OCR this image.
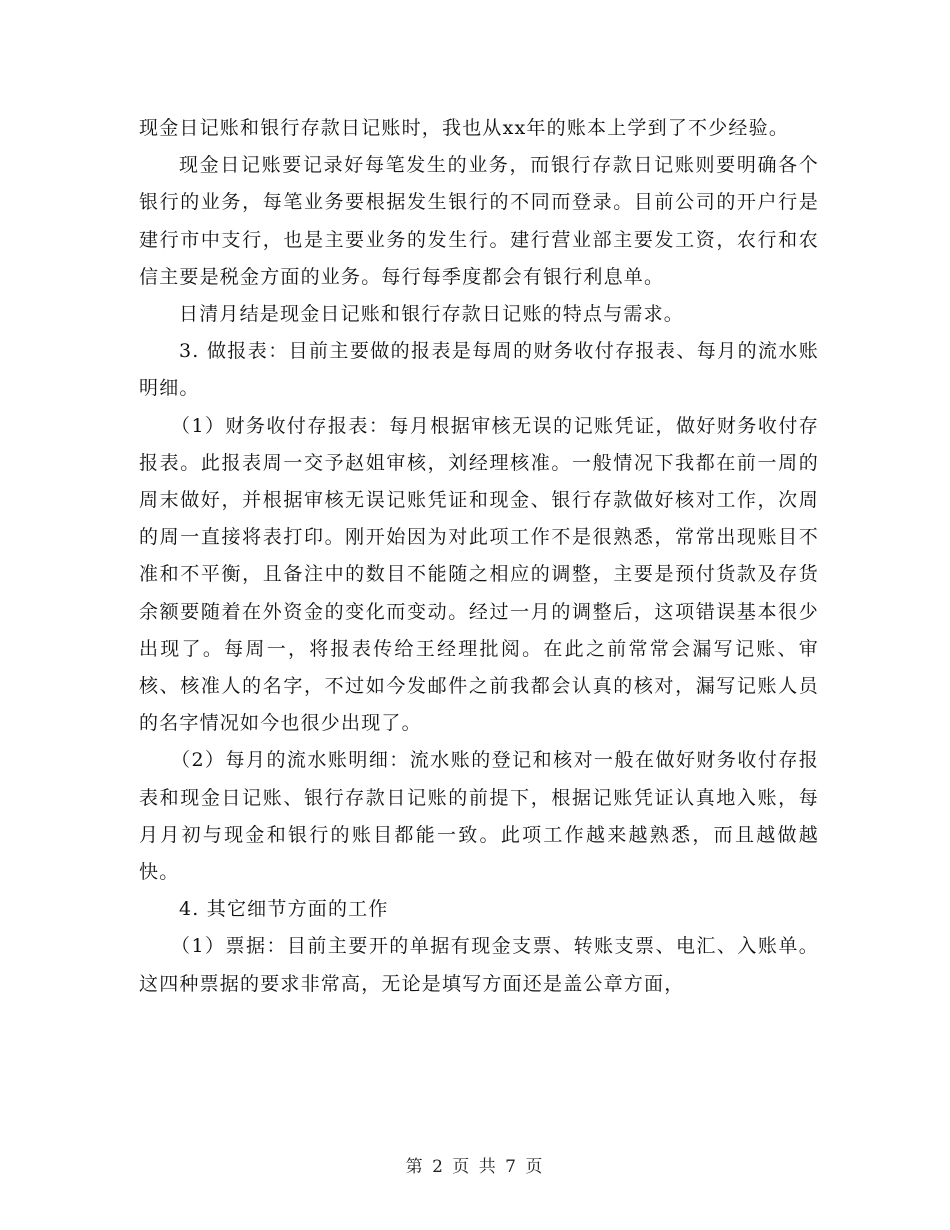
现金日记账和银行存款日记账时，我也从xx年的账本上学到了不少经验。

现金日记账要记录好每笔发生的业务，而银行存款日记账则要明确各个银行的业务，每笔业务要根据发生银行的不同而登录。目前公司的开户行是建行市中支行，也是主要业务的发生行。建行营业部主要发工资，农行和农信主要是税金方面的业务。每行每季度都会有银行利息单。

日清月结是现金日记账和银行存款日记账的特点与需求。

3. 做报表：目前主要做的报表是每周的财务收付存报表、每月的流水账明细。

（1）财务收付存报表：每月根据审核无误的记账凭证，做好财务收付存报表。此报表周一交予赵姐审核，刘经理核准。一般情况下我都在前一周的周末做好，并根据审核无误记账凭证和现金、银行存款做好核对工作，次周的周一直接将表打印。刚开始因为对此项工作不是很熟悉，常常出现账目不准和不平衡，且备注中的数目不能随之相应的调整，主要是预付货款及存货余额要随着在外资金的变化而变动。经过一月的调整后，这项错误基本很少出现了。每周一，将报表传给王经理批阅。在此之前常常会漏写记账、审核、核准人的名字，不过如今发邮件之前我都会认真的核对，漏写记账人员的名字情况如今也很少出现了。

（2）每月的流水账明细：流水账的登记和核对一般在做好财务收付存报表和现金日记账、银行存款日记账的前提下，根据记账凭证认真地入账，每月月初与现金和银行的账目都能一致。此项工作越来越熟悉，而且越做越快。

4. 其它细节方面的工作

（1）票据：目前主要开的单据有现金支票、转账支票、电汇、入账单。这四种票据的要求非常高，无论是填写方面还是盖公章方面，

第 2 页 共 7 页
